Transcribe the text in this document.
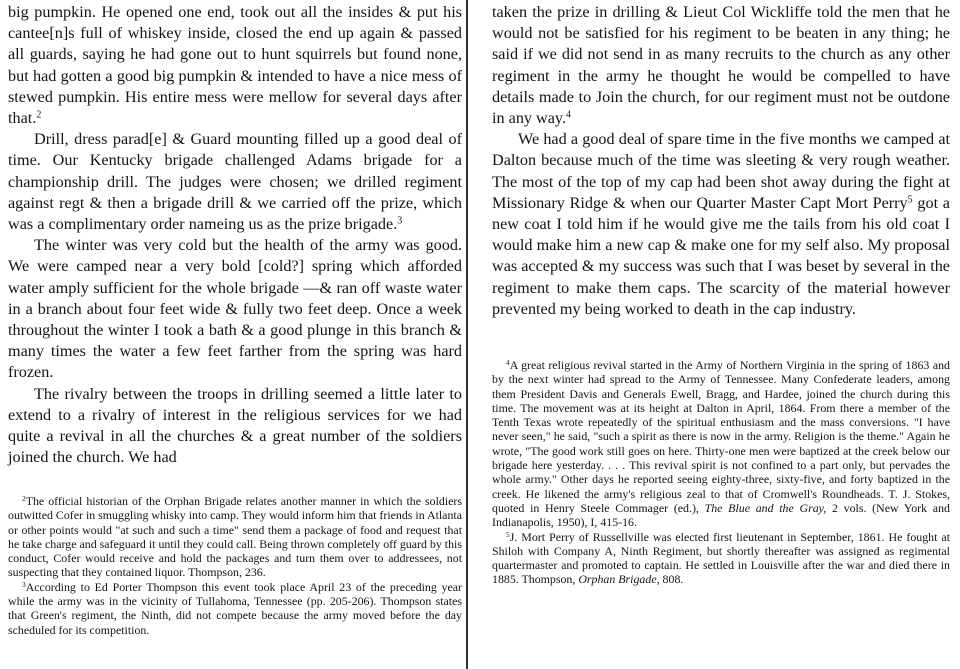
big pumpkin. He opened one end, took out all the insides & put his cantee[n]s full of whiskey inside, closed the end up again & passed all guards, saying he had gone out to hunt squirrels but found none, but had gotten a good big pumpkin & intended to have a nice mess of stewed pumpkin. His entire mess were mellow for several days after that.$^2$

Drill, dress parad[e] & Guard mounting filled up a good deal of time. Our Kentucky brigade challenged Adams brigade for a championship drill. The judges were chosen; we drilled regiment against regt & then a brigade drill & we carried off the prize, which was a complimentary order nameing us as the prize brigade.$^3$

The winter was very cold but the health of the army was good. We were camped near a very bold [cold?] spring which afforded water amply sufficient for the whole brigade —& ran off waste water in a branch about four feet wide & fully two feet deep. Once a week throughout the winter I took a bath & a good plunge in this branch & many times the water a few feet farther from the spring was hard frozen.

The rivalry between the troops in drilling seemed a little later to extend to a rivalry of interest in the religious services for we had quite a revival in all the churches & a great number of the soldiers joined the church. We had

$^2$The official historian of the Orphan Brigade relates another manner in which the soldiers outwitted Cofer in smuggling whisky into camp. They would inform him that friends in Atlanta or other points would "at such and such a time" send them a package of food and request that he take charge and safeguard it until they could call. Being thrown completely off guard by this conduct, Cofer would receive and hold the packages and turn them over to addressees, not suspecting that they contained liquor. Thompson, 236.

$^3$According to Ed Porter Thompson this event took place April 23 of the preceding year while the army was in the vicinity of Tullahoma, Tennessee (pp. 205-206). Thompson states that Green's regiment, the Ninth, did not compete because the army moved before the day scheduled for its competition.

taken the prize in drilling & Lieut Col Wickliffe told the men that he would not be satisfied for his regiment to be beaten in any thing; he said if we did not send in as many recruits to the church as any other regiment in the army he thought he would be compelled to have details made to Join the church, for our regiment must not be outdone in any way.$^4$

We had a good deal of spare time in the five months we camped at Dalton because much of the time was sleeting & very rough weather. The most of the top of my cap had been shot away during the fight at Missionary Ridge & when our Quarter Master Capt Mort Perry$^5$ got a new coat I told him if he would give me the tails from his old coat I would make him a new cap & make one for my self also. My proposal was accepted & my success was such that I was beset by several in the regiment to make them caps. The scarcity of the material however prevented my being worked to death in the cap industry.

$^4$A great religious revival started in the Army of Northern Virginia in the spring of 1863 and by the next winter had spread to the Army of Tennessee. Many Confederate leaders, among them President Davis and Generals Ewell, Bragg, and Hardee, joined the church during this time. The movement was at its height at Dalton in April, 1864. From there a member of the Tenth Texas wrote repeatedly of the spiritual enthusiasm and the mass conversions. "I have never seen," he said, "such a spirit as there is now in the army. Religion is the theme." Again he wrote, "The good work still goes on here. Thirty-one men were baptized at the creek below our brigade here yesterday. . . . This revival spirit is not confined to a part only, but pervades the whole army." Other days he reported seeing eighty-three, sixty-five, and forty baptized in the creek. He likened the army's religious zeal to that of Cromwell's Roundheads. T. J. Stokes, quoted in Henry Steele Commager (ed.), The Blue and the Gray, 2 vols. (New York and Indianapolis, 1950), I, 415-16.

$^5$J. Mort Perry of Russellville was elected first lieutenant in September, 1861. He fought at Shiloh with Company A, Ninth Regiment, but shortly thereafter was assigned as regimental quartermaster and promoted to captain. He settled in Louisville after the war and died there in 1885. Thompson, Orphan Brigade, 808.
